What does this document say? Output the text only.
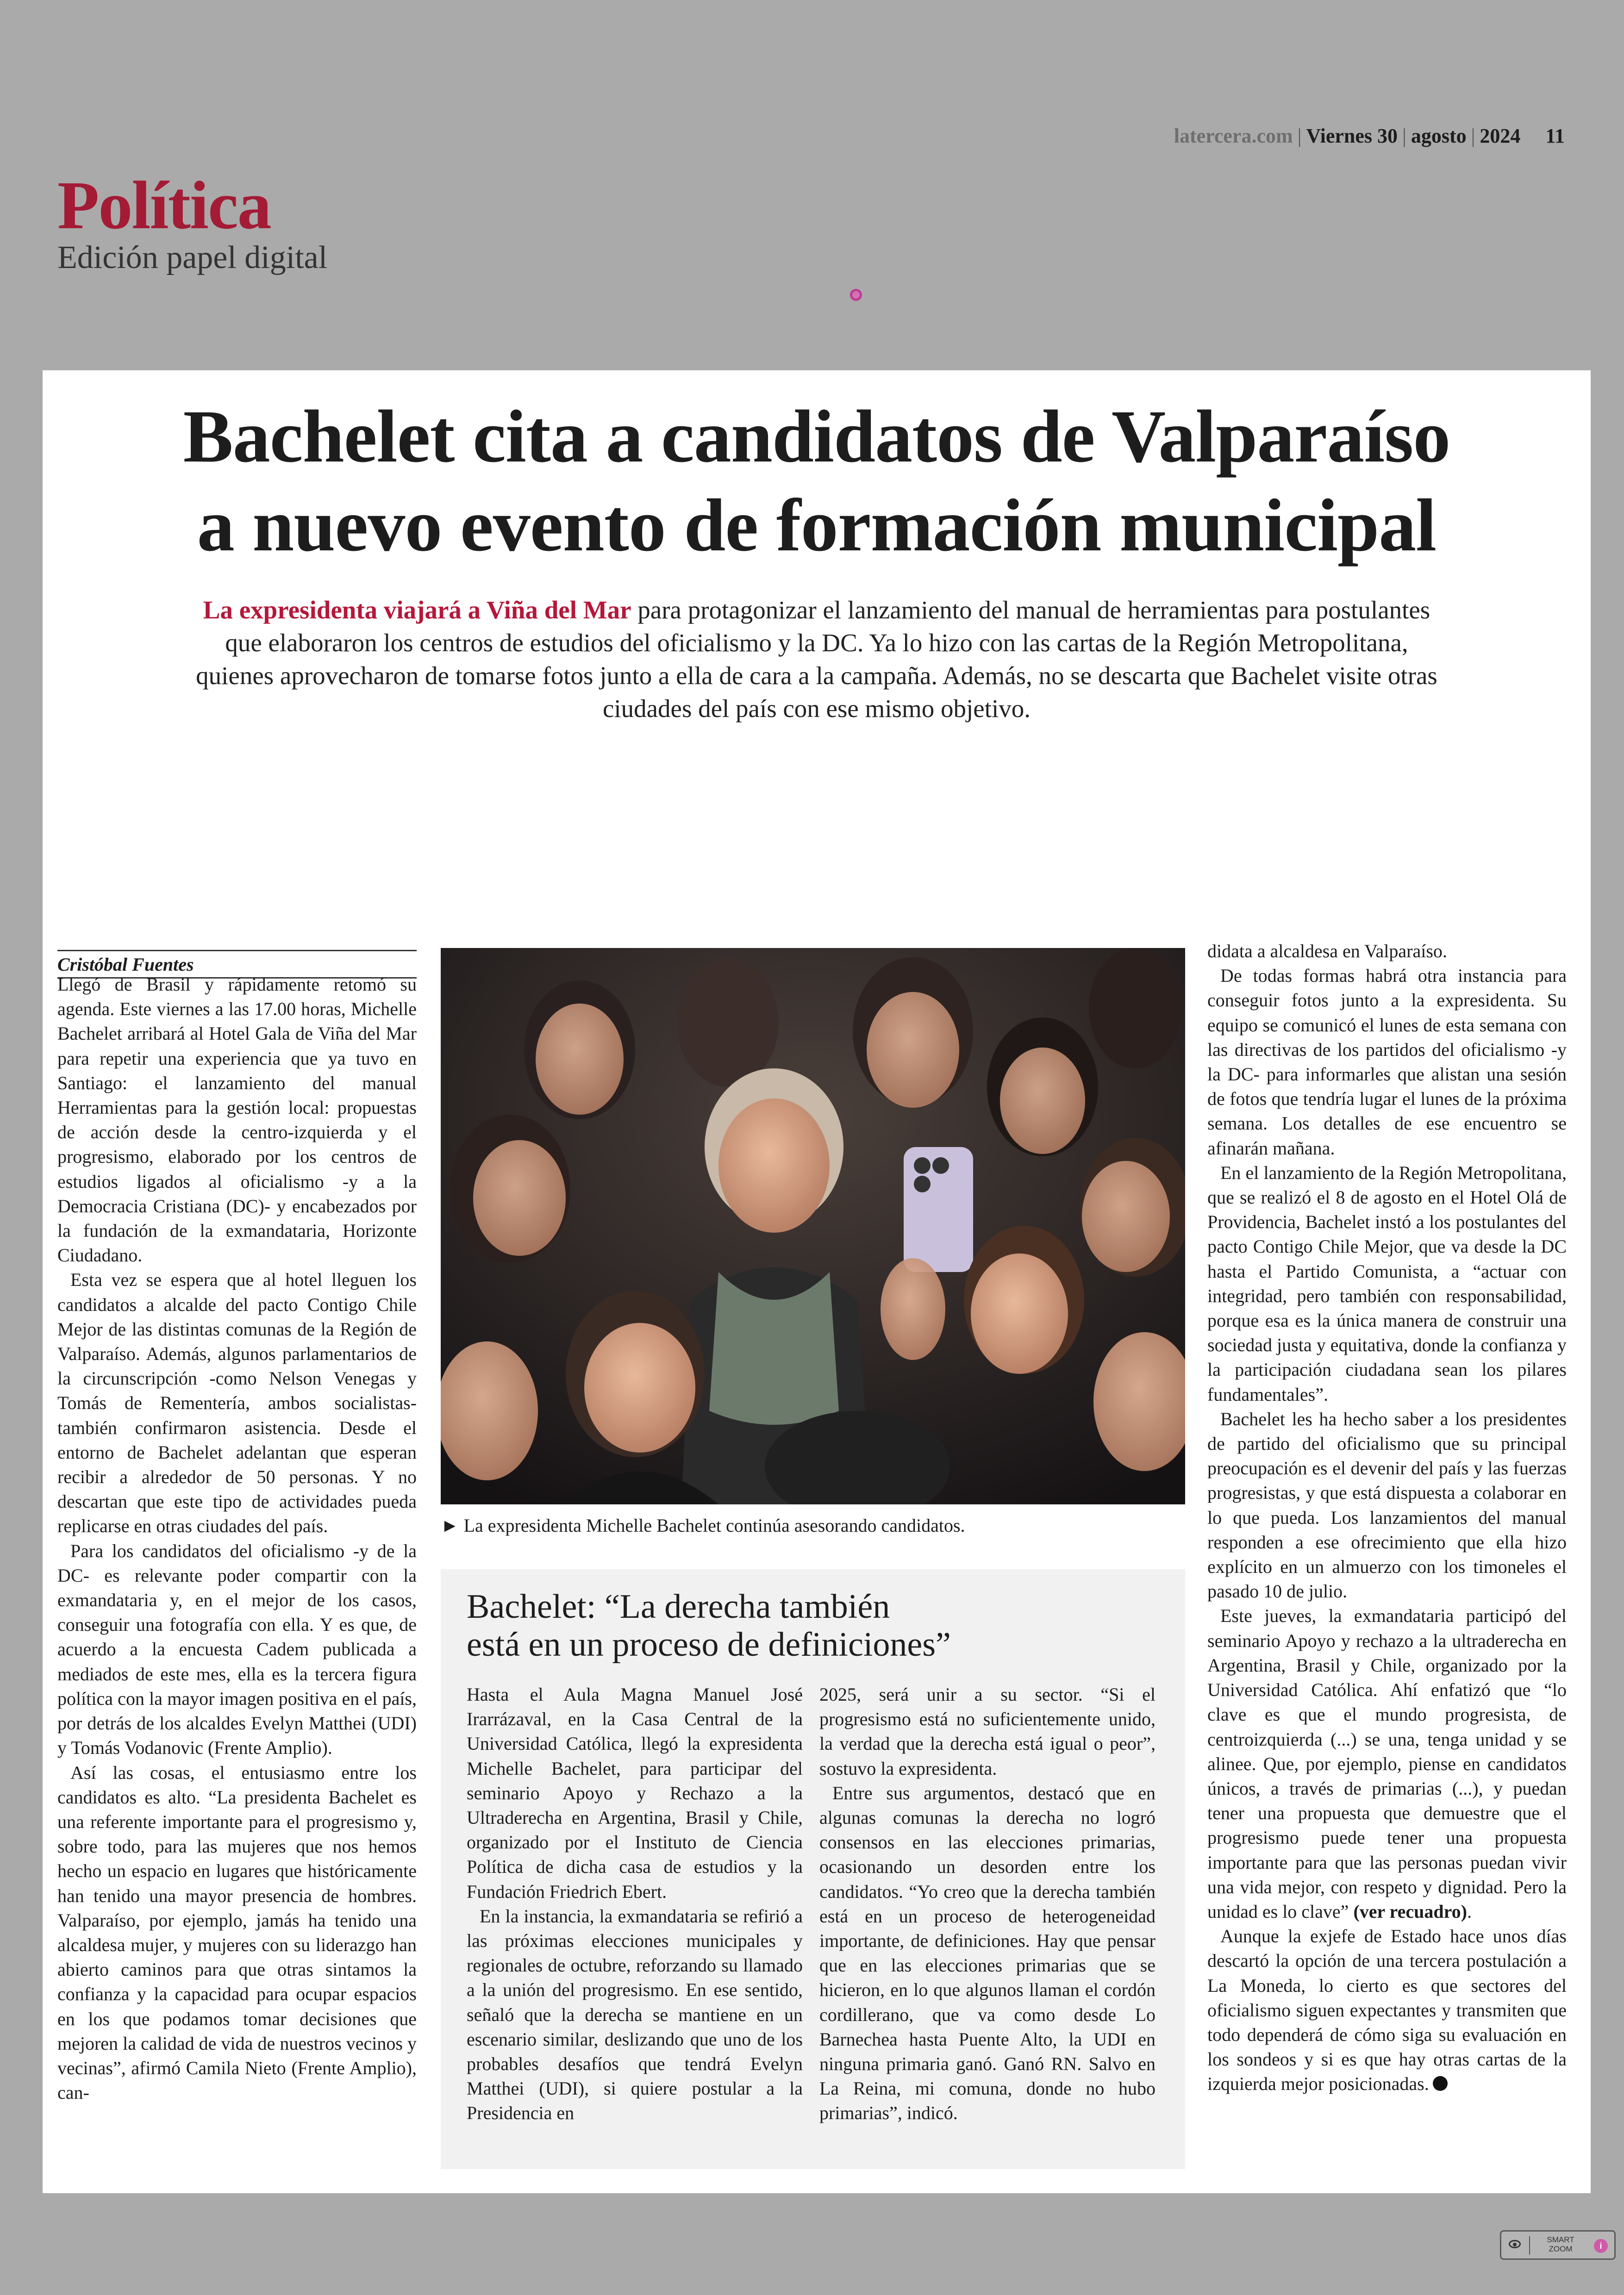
latercera.com | Viernes 30 | agosto | 2024 11
Política
Edición papel digital
Bachelet cita a candidatos de Valparaíso
a nuevo evento de formación municipal
La expresidenta viajará a Viña del Mar para protagonizar el lanzamiento del manual de herramientas para postulantes que elaboraron los centros de estudios del oficialismo y la DC. Ya lo hizo con las cartas de la Región Metropolitana, quienes aprovecharon de tomarse fotos junto a ella de cara a la campaña. Además, no se descarta que Bachelet visite otras ciudades del país con ese mismo objetivo.
Cristóbal Fuentes

Llegó de Brasil y rápidamente retomó su agenda. Este viernes a las 17.00 horas, Michelle Bachelet arribará al Hotel Gala de Viña del Mar para repetir una experiencia que ya tuvo en Santiago: el lanzamiento del manual Herramientas para la gestión local: propuestas de acción desde la centro-izquierda y el progresismo, elaborado por los centros de estudios ligados al oficialismo -y a la Democracia Cristiana (DC)- y encabezados por la fundación de la exmandataria, Horizonte Ciudadano.

Esta vez se espera que al hotel lleguen los candidatos a alcalde del pacto Contigo Chile Mejor de las distintas comunas de la Región de Valparaíso. Además, algunos parlamentarios de la circunscripción -como Nelson Venegas y Tomás de Rementería, ambos socialistas- también confirmaron asistencia. Desde el entorno de Bachelet adelantan que esperan recibir a alrededor de 50 personas. Y no descartan que este tipo de actividades pueda replicarse en otras ciudades del país.

Para los candidatos del oficialismo -y de la DC- es relevante poder compartir con la exmandataria y, en el mejor de los casos, conseguir una fotografía con ella. Y es que, de acuerdo a la encuesta Cadem publicada a mediados de este mes, ella es la tercera figura política con la mayor imagen positiva en el país, por detrás de los alcaldes Evelyn Matthei (UDI) y Tomás Vodanovic (Frente Amplio).

Así las cosas, el entusiasmo entre los candidatos es alto. “La presidenta Bachelet es una referente importante para el progresismo y, sobre todo, para las mujeres que nos hemos hecho un espacio en lugares que históricamente han tenido una mayor presencia de hombres. Valparaíso, por ejemplo, jamás ha tenido una alcaldesa mujer, y mujeres con su liderazgo han abierto caminos para que otras sintamos la confianza y la capacidad para ocupar espacios en los que podamos tomar decisiones que mejoren la calidad de vida de nuestros vecinos y vecinas”, afirmó Camila Nieto (Frente Amplio), can-

► La expresidenta Michelle Bachelet continúa asesorando candidatos.
Bachelet: “La derecha también
está en un proceso de definiciones”

Hasta el Aula Magna Manuel José Irarrázaval, en la Casa Central de la Universidad Católica, llegó la expresidenta Michelle Bachelet, para participar del seminario Apoyo y Rechazo a la Ultraderecha en Argentina, Brasil y Chile, organizado por el Instituto de Ciencia Política de dicha casa de estudios y la Fundación Friedrich Ebert.

En la instancia, la exmandataria se refirió a las próximas elecciones municipales y regionales de octubre, reforzando su llamado a la unión del progresismo. En ese sentido, señaló que la derecha se mantiene en un escenario similar, deslizando que uno de los probables desafíos que tendrá Evelyn Matthei (UDI), si quiere postular a la Presidencia en

2025, será unir a su sector. “Si el progresismo está no suficientemente unido, la verdad que la derecha está igual o peor”, sostuvo la expresidenta.

Entre sus argumentos, destacó que en algunas comunas la derecha no logró consensos en las elecciones primarias, ocasionando un desorden entre los candidatos. “Yo creo que la derecha también está en un proceso de heterogeneidad importante, de definiciones. Hay que pensar que en las elecciones primarias que se hicieron, en lo que algunos llaman el cordón cordillerano, que va como desde Lo Barnechea hasta Puente Alto, la UDI en ninguna primaria ganó. Ganó RN. Salvo en La Reina, mi comuna, donde no hubo primarias”, indicó.

didata a alcaldesa en Valparaíso.

De todas formas habrá otra instancia para conseguir fotos junto a la expresidenta. Su equipo se comunicó el lunes de esta semana con las directivas de los partidos del oficialismo -y la DC- para informarles que alistan una sesión de fotos que tendría lugar el lunes de la próxima semana. Los detalles de ese encuentro se afinarán mañana.

En el lanzamiento de la Región Metropolitana, que se realizó el 8 de agosto en el Hotel Olá de Providencia, Bachelet instó a los postulantes del pacto Contigo Chile Mejor, que va desde la DC hasta el Partido Comunista, a “actuar con integridad, pero también con responsabilidad, porque esa es la única manera de construir una sociedad justa y equitativa, donde la confianza y la participación ciudadana sean los pilares fundamentales”.

Bachelet les ha hecho saber a los presidentes de partido del oficialismo que su principal preocupación es el devenir del país y las fuerzas progresistas, y que está dispuesta a colaborar en lo que pueda. Los lanzamientos del manual responden a ese ofrecimiento que ella hizo explícito en un almuerzo con los timoneles el pasado 10 de julio.

Este jueves, la exmandataria participó del seminario Apoyo y rechazo a la ultraderecha en Argentina, Brasil y Chile, organizado por la Universidad Católica. Ahí enfatizó que “lo clave es que el mundo progresista, de centroizquierda (...) se una, tenga unidad y se alinee. Que, por ejemplo, piense en candidatos únicos, a través de primarias (...), y puedan tener una propuesta que demuestre que el progresismo puede tener una propuesta importante para que las personas puedan vivir una vida mejor, con respeto y dignidad. Pero la unidad es lo clave” (ver recuadro).

Aunque la exjefe de Estado hace unos días descartó la opción de una tercera postulación a La Moneda, lo cierto es que sectores del oficialismo siguen expectantes y transmiten que todo dependerá de cómo siga su evaluación en los sondeos y si es que hay otras cartas de la izquierda mejor posicionadas.

SMART
ZOOM	i
